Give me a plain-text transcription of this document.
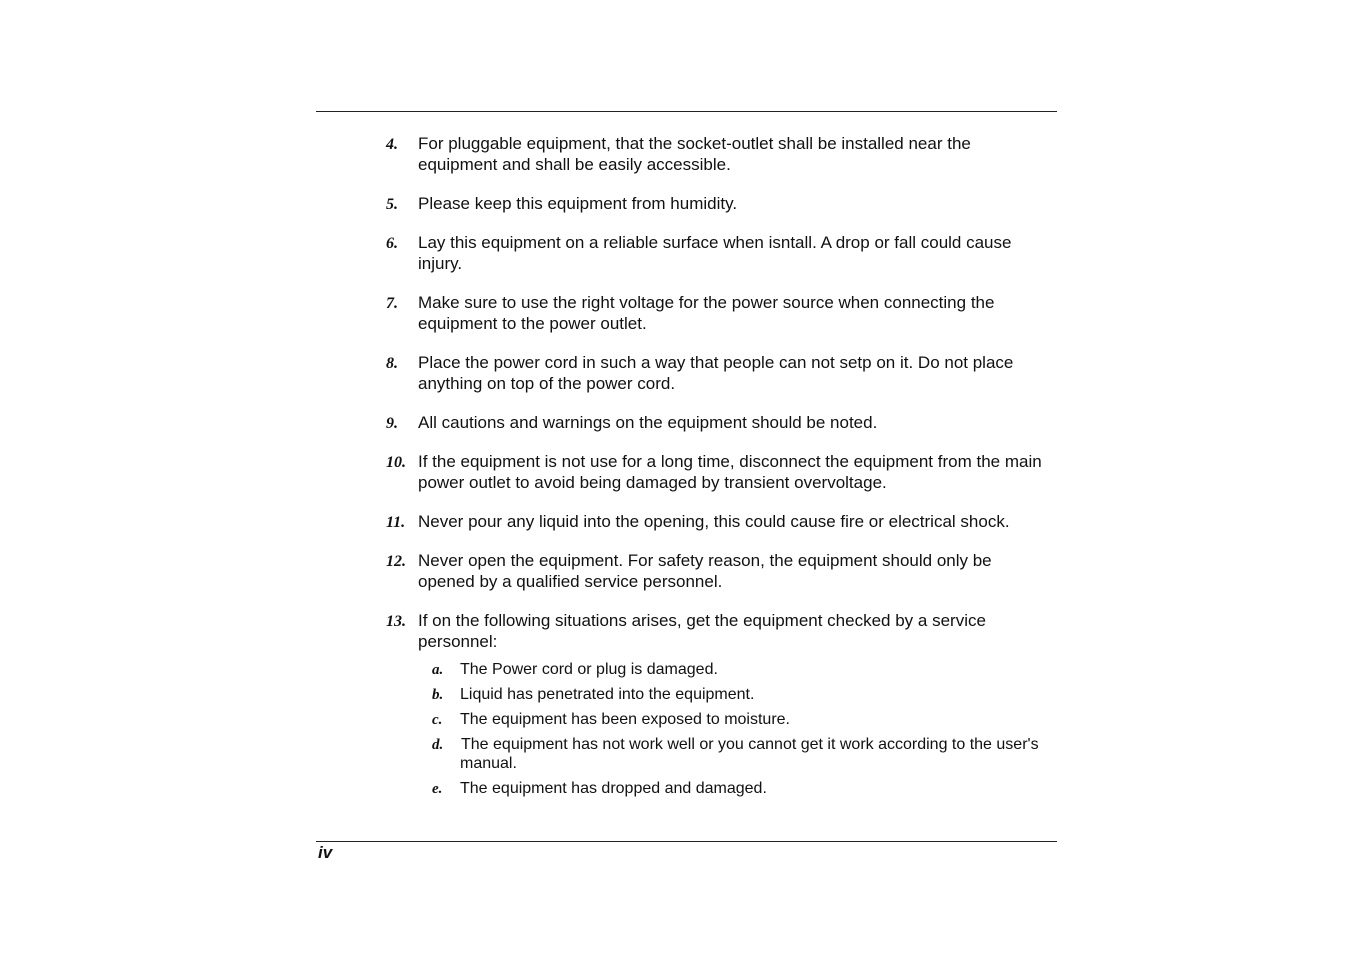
4. For pluggable equipment, that the socket-outlet shall be installed near the equipment and shall be easily accessible.
5. Please keep this equipment from humidity.
6. Lay this equipment on a reliable surface when isntall. A drop or fall could cause injury.
7. Make sure to use the right voltage for the power source when connecting the equipment to the power outlet.
8. Place the power cord in such a way that people can not setp on it. Do not place anything on top of the power cord.
9. All cautions and warnings on the equipment should be noted.
10. If the equipment is not use for a long time, disconnect the equipment from the main power outlet to avoid being damaged by transient overvoltage.
11. Never pour any liquid into the opening, this could cause fire or electrical shock.
12. Never open the equipment. For safety reason, the equipment should only be opened by a qualified service personnel.
13. If on the following situations arises, get the equipment checked by a service personnel:
a. The Power cord or plug is damaged.
b. Liquid has penetrated into the equipment.
c. The equipment has been exposed to moisture.
d. The equipment has not work well or you cannot get it work according to the user's manual.
e. The equipment has dropped and damaged.
iv
